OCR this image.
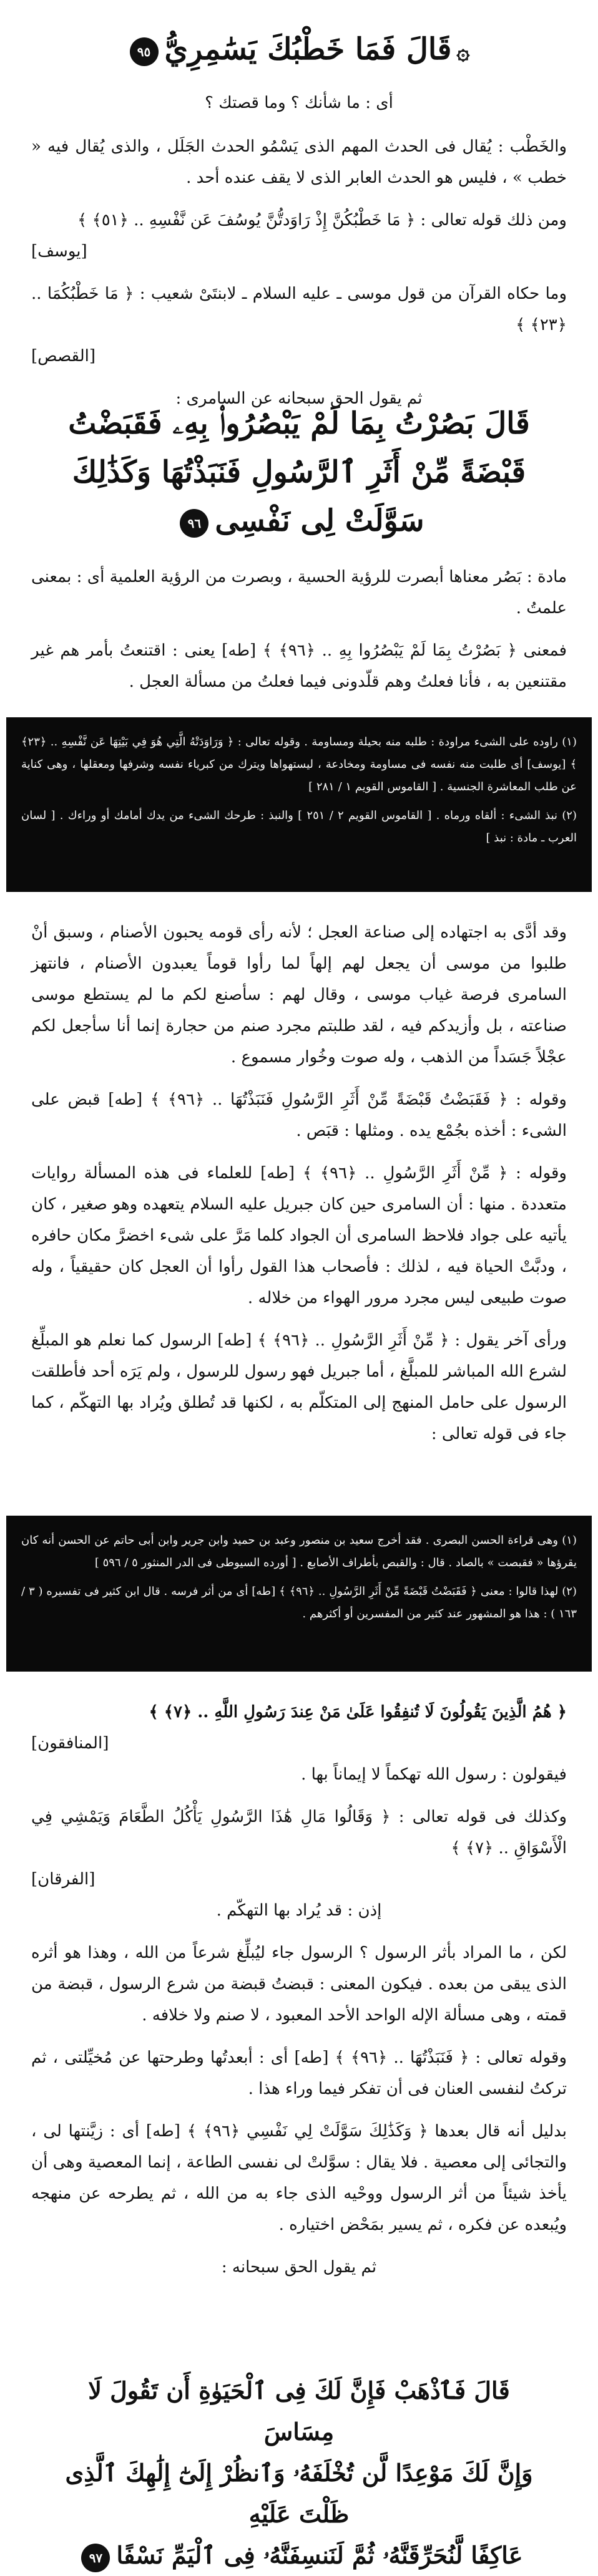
۞قَالَ فَمَا خَطْبُكَ يَسَٰمِرِيُّ٩٥

أى : ما شأنك ؟ وما قصتك ؟

والخَطْب : يُقال فى الحدث المهم الذى يَسْمُو الحدث الجَلَل ، والذى يُقال فيه « خطب » ، فليس هو الحدث العابر الذى لا يقف عنده أحد .

ومن ذلك قوله تعالى : ﴿ مَا خَطْبُكُنَّ إِذْ رَاوَدتُّنَّ يُوسُفَ عَن نَّفْسِهِ .. ﴿٥١﴾ ﴾

[يوسف]

وما حكاه القرآن من قول موسى ـ عليه السلام ـ لابنتَىْ شعيب : ﴿ مَا خَطْبُكُمَا .. ﴿٢٣﴾ ﴾

[القصص]

ثم يقول الحق سبحانه عن السامرى :

قَالَ بَصُرْتُ بِمَا لَمْ يَبْصُرُوا۟ بِهِۦ فَقَبَضْتُ
قَبْضَةً مِّنْ أَثَرِ ٱلرَّسُولِ فَنَبَذْتُهَا وَكَذَٰلِكَ
سَوَّلَتْ لِى نَفْسِى٩٦

مادة : بَصُر معناها أبصرت للرؤية الحسية ، وبصرت من الرؤية العلمية أى : بمعنى علمتُ .

فمعنى ﴿ بَصُرْتُ بِمَا لَمْ يَبْصُرُوا بِهِ .. ﴿٩٦﴾ ﴾ [طه] يعنى : اقتنعتُ بأمر هم غير مقتنعين به ، فأنا فعلتُ وهم قلّدونى فيما فعلتُ من مسألة العجل .

(١) راوده على الشىء مراودة : طلبه منه بحيلة ومساومة . وقوله تعالى : ﴿ وَرَاوَدَتْهُ الَّتِي هُوَ فِي بَيْتِهَا عَن نَّفْسِهِ .. ﴿٢٣﴾ ﴾ [يوسف] أى طلبت منه نفسه فى مساومة ومخادعة ، ليستهواها ويترك من كبرياء نفسه وشرفها ومعقلها ، وهى كناية عن طلب المعاشرة الجنسية . [ القاموس القويم ١ / ٢٨١ ]

(٢) نبذ الشىء : ألقاه ورماه . [ القاموس القويم ٢ / ٢٥١ ] والنبذ : طرحك الشىء من يدك أمامك أو وراءك . [ لسان العرب ـ مادة : نبذ ]

وقد أدَّى به اجتهاده إلى صناعة العجل ؛ لأنه رأى قومه يحبون الأصنام ، وسبق أنْ طلبوا من موسى أن يجعل لهم إلهاً لما رأوا قوماً يعبدون الأصنام ، فانتهز السامرى فرصة غياب موسى ، وقال لهم : سأصنع لكم ما لم يستطع موسى صناعته ، بل وأزيدكم فيه ، لقد طلبتم مجرد صنم من حجارة إنما أنا سأجعل لكم عجْلاً جَسَداً من الذهب ، وله صوت وخُوار مسموع .

وقوله : ﴿ فَقَبَضْتُ قَبْضَةً مِّنْ أَثَرِ الرَّسُولِ فَنَبَذْتُهَا .. ﴿٩٦﴾ ﴾ [طه] قبض على الشىء : أخذه بجُمْع يده . ومثلها : قبَص .

وقوله : ﴿ مِّنْ أَثَرِ الرَّسُولِ .. ﴿٩٦﴾ ﴾ [طه] للعلماء فى هذه المسألة روايات متعددة . منها : أن السامرى حين كان جبريل عليه السلام يتعهده وهو صغير ، كان يأتيه على جواد فلاحظ السامرى أن الجواد كلما مَرَّ على شىء اخضرَّ مكان حافره ، ودبَّتْ الحياة فيه ، لذلك : فأصحاب هذا القول رأوا أن العجل كان حقيقياً ، وله صوت طبيعى ليس مجرد مرور الهواء من خلاله .

ورأى آخر يقول : ﴿ مِّنْ أَثَرِ الرَّسُولِ .. ﴿٩٦﴾ ﴾ [طه] الرسول كما نعلم هو المبلِّغ لشرع الله المباشر للمبلَّغ ، أما جبريل فهو رسول للرسول ، ولم يَرَه أحد فأطلقت الرسول على حامل المنهج إلى المتكلّم به ، لكنها قد تُطلق ويُراد بها التهكّم ، كما جاء فى قوله تعالى :

(١) وهى قراءة الحسن البصرى . فقد أخرج سعيد بن منصور وعبد بن حميد وابن جرير وابن أبى حاتم عن الحسن أنه كان يقرؤها « فقبصت » بالصاد . قال : والقبص بأطراف الأصابع . [ أورده السيوطى فى الدر المنثور ٥ / ٥٩٦ ]

(٢) لهذا قالوا : معنى ﴿ فَقَبَضْتُ قَبْضَةً مِّنْ أَثَرِ الرَّسُولِ .. ﴿٩٦﴾ ﴾ [طه] أى من أثر فرسه . قال ابن كثير فى تفسيره ( ٣ / ١٦٣ ) : هذا هو المشهور عند كثير من المفسرين أو أكثرهم .

﴿ هُمُ الَّذِينَ يَقُولُونَ لَا تُنفِقُوا عَلَىٰ مَنْ عِندَ رَسُولِ اللَّهِ .. ﴿٧﴾ ﴾

[المنافقون]

فيقولون : رسول الله تهكماً لا إيماناً بها .

وكذلك فى قوله تعالى : ﴿ وَقَالُوا مَالِ هَٰذَا الرَّسُولِ يَأْكُلُ الطَّعَامَ وَيَمْشِي فِي الْأَسْوَاقِ .. ﴿٧﴾ ﴾

[الفرقان]

إذن : قد يُراد بها التهكّم .

لكن ، ما المراد بأثر الرسول ؟ الرسول جاء ليُبلِّغ شرعاً من الله ، وهذا هو أثره الذى يبقى من بعده . فيكون المعنى : قبضتُ قبضة من شرع الرسول ، قبضة من قمته ، وهى مسألة الإله الواحد الأحد المعبود ، لا صنم ولا خلافه .

وقوله تعالى : ﴿ فَنَبَذْتُهَا .. ﴿٩٦﴾ ﴾ [طه] أى : أبعدتُها وطرحتها عن مُخيِّلتى ، ثم تركتُ لنفسى العنان فى أن تفكر فيما وراء هذا .

بدليل أنه قال بعدها ﴿ وَكَذَٰلِكَ سَوَّلَتْ لِي نَفْسِي ﴿٩٦﴾ ﴾ [طه] أى : زيَّنتها لى ، والتجائى إلى معصية . فلا يقال : سوَّلتْ لى نفسى الطاعة ، إنما المعصية وهى أن يأخذ شيئاً من أثر الرسول ووحْيه الذى جاء به من الله ، ثم يطرحه عن منهجه ويُبعده عن فكره ، ثم يسير بمَحْض اختياره .

ثم يقول الحق سبحانه :

قَالَ فَٱذْهَبْ فَإِنَّ لَكَ فِى ٱلْحَيَوٰةِ أَن تَقُولَ لَا مِسَاسَ
وَإِنَّ لَكَ مَوْعِدًا لَّن تُخْلَفَهُۥ وَٱنظُرْ إِلَىٰٓ إِلَٰهِكَ ٱلَّذِى ظَلْتَ عَلَيْهِ
عَاكِفًا لَّنُحَرِّقَنَّهُۥ ثُمَّ لَنَنسِفَنَّهُۥ فِى ٱلْيَمِّ نَسْفًا٩٧
